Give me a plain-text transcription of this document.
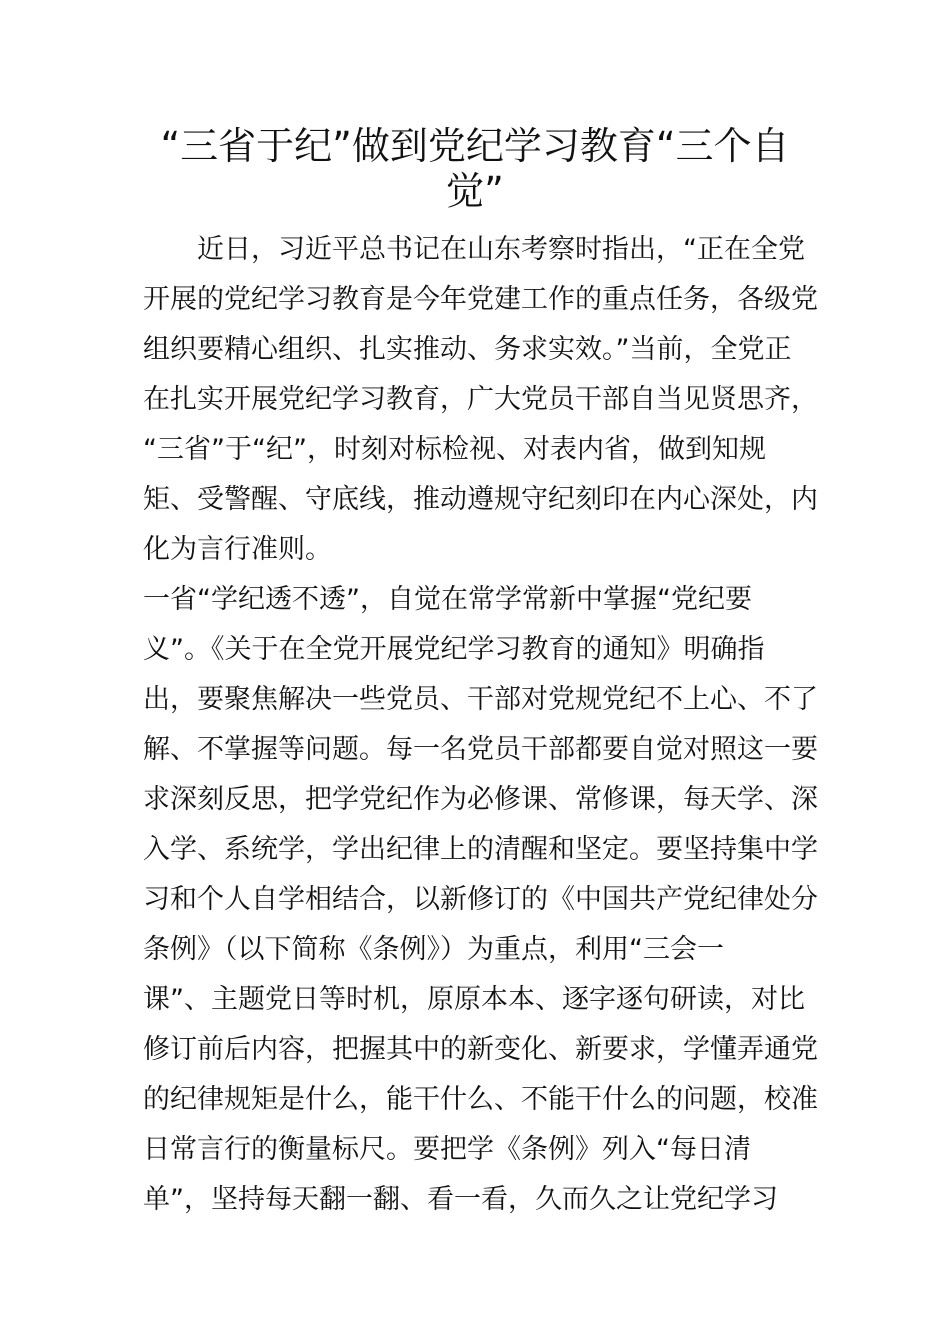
“三省于纪”做到党纪学习教育“三个自觉”

　　近日，习近平总书记在山东考察时指出，“正在全党

开展的党纪学习教育是今年党建工作的重点任务，各级党

组织要精心组织、扎实推动、务求实效。”当前，全党正

在扎实开展党纪学习教育，广大党员干部自当见贤思齐，

“三省”于“纪”，时刻对标检视、对表内省，做到知规

矩、受警醒、守底线，推动遵规守纪刻印在内心深处，内

化为言行准则。

一省“学纪透不透”，自觉在常学常新中掌握“党纪要

义”。《关于在全党开展党纪学习教育的通知》明确指

出，要聚焦解决一些党员、干部对党规党纪不上心、不了

解、不掌握等问题。每一名党员干部都要自觉对照这一要

求深刻反思，把学党纪作为必修课、常修课，每天学、深

入学、系统学，学出纪律上的清醒和坚定。要坚持集中学

习和个人自学相结合，以新修订的《中国共产党纪律处分

条例》（以下简称《条例》）为重点，利用“三会一

课”、主题党日等时机，原原本本、逐字逐句研读，对比

修订前后内容，把握其中的新变化、新要求，学懂弄通党

的纪律规矩是什么，能干什么、不能干什么的问题，校准

日常言行的衡量标尺。要把学《条例》列入“每日清

单”，坚持每天翻一翻、看一看，久而久之让党纪学习
